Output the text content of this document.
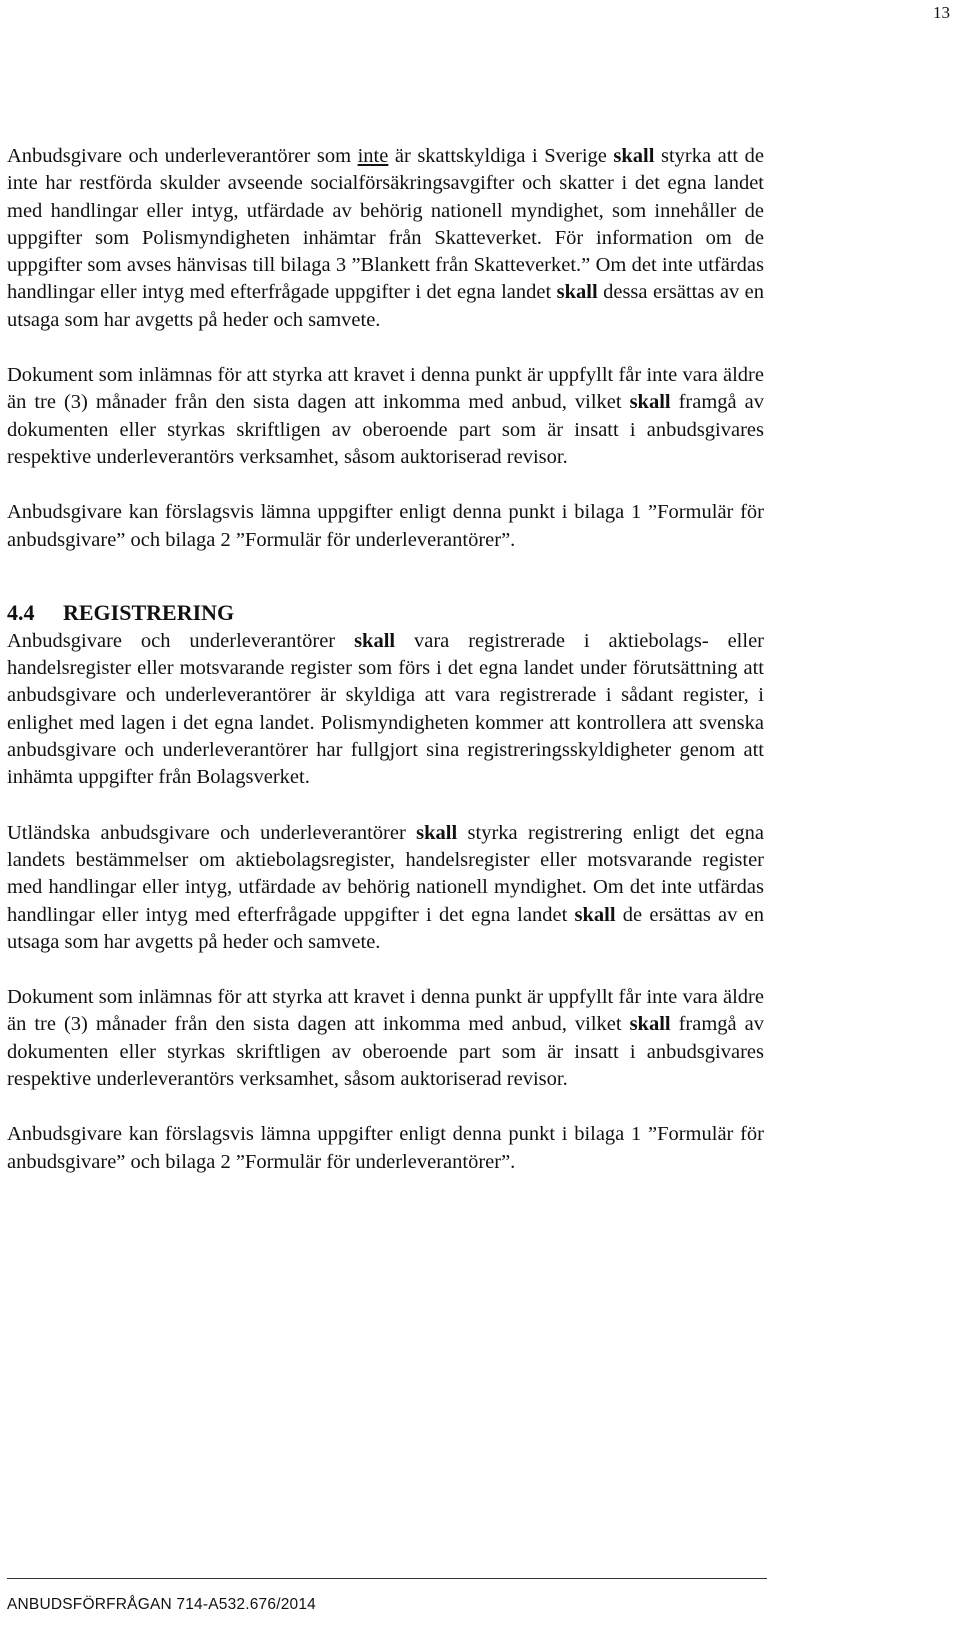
13

Anbudsgivare och underleverantörer som inte är skattskyldiga i Sverige skall styrka att de inte har restförda skulder avseende socialförsäkringsavgifter och skatter i det egna landet med handlingar eller intyg, utfärdade av behörig nationell myndighet, som innehåller de uppgifter som Polismyndigheten inhämtar från Skatteverket. För information om de uppgifter som avses hänvisas till bilaga 3 ”Blankett från Skatteverket.” Om det inte utfärdas handlingar eller intyg med efterfrågade uppgifter i det egna landet skall dessa ersättas av en utsaga som har avgetts på heder och samvete.

Dokument som inlämnas för att styrka att kravet i denna punkt är uppfyllt får inte vara äldre än tre (3) månader från den sista dagen att inkomma med anbud, vilket skall framgå av dokumenten eller styrkas skriftligen av oberoende part som är insatt i anbudsgivares respektive underleverantörs verksamhet, såsom auktoriserad revisor.

Anbudsgivare kan förslagsvis lämna uppgifter enligt denna punkt i bilaga 1 ”Formulär för anbudsgivare” och bilaga 2 ”Formulär för underleverantörer”.

4.4 REGISTRERING

Anbudsgivare och underleverantörer skall vara registrerade i aktiebolags- eller handelsregister eller motsvarande register som förs i det egna landet under förutsättning att anbudsgivare och underleverantörer är skyldiga att vara registrerade i sådant register, i enlighet med lagen i det egna landet. Polismyndigheten kommer att kontrollera att svenska anbudsgivare och underleverantörer har fullgjort sina registreringsskyldigheter genom att inhämta uppgifter från Bolagsverket.

Utländska anbudsgivare och underleverantörer skall styrka registrering enligt det egna landets bestämmelser om aktiebolagsregister, handelsregister eller motsvarande register med handlingar eller intyg, utfärdade av behörig nationell myndighet. Om det inte utfärdas handlingar eller intyg med efterfrågade uppgifter i det egna landet skall de ersättas av en utsaga som har avgetts på heder och samvete.

Dokument som inlämnas för att styrka att kravet i denna punkt är uppfyllt får inte vara äldre än tre (3) månader från den sista dagen att inkomma med anbud, vilket skall framgå av dokumenten eller styrkas skriftligen av oberoende part som är insatt i anbudsgivares respektive underleverantörs verksamhet, såsom auktoriserad revisor.

Anbudsgivare kan förslagsvis lämna uppgifter enligt denna punkt i bilaga 1 ”Formulär för anbudsgivare” och bilaga 2 ”Formulär för underleverantörer”.

ANBUDSFÖRFRÅGAN 714-A532.676/2014
